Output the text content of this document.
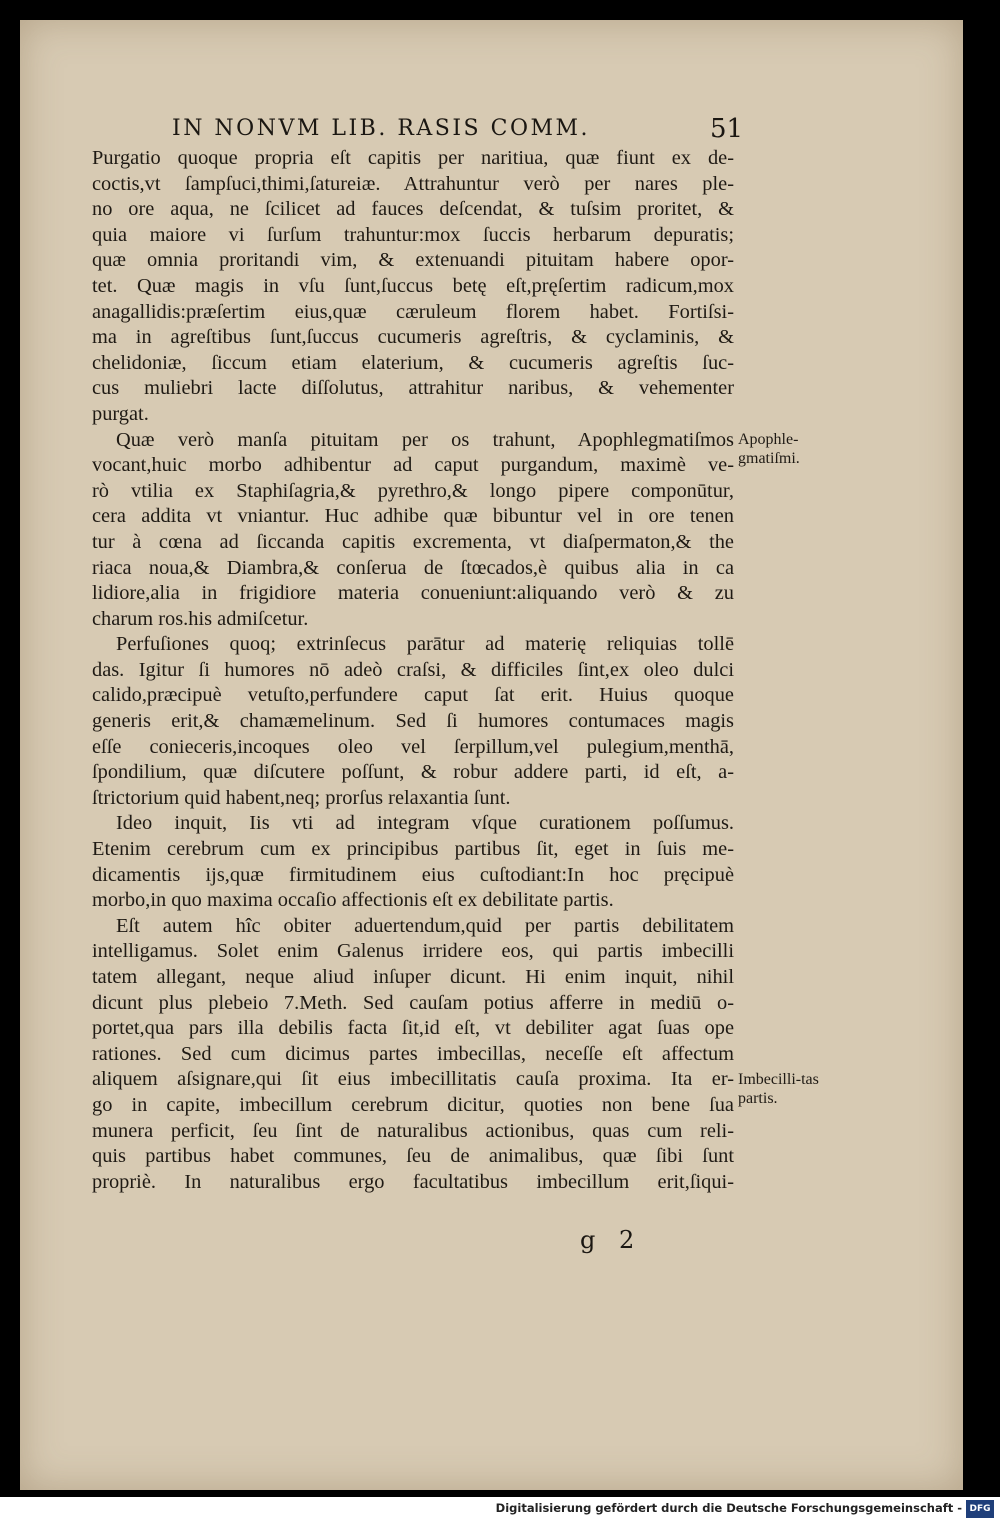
IN NONVM LIB. RASIS COMM.	51
Purgatio quoque propria eſt capitis per naritiua, quæ fiunt ex de-
coctis,vt ſampſuci,thimi,ſatureiæ. Attrahuntur verò per nares ple-
no ore aqua, ne ſcilicet ad fauces deſcendat, & tuſsim proritet, &
quia maiore vi ſurſum trahuntur:mox ſuccis herbarum depuratis;
quæ omnia proritandi vim, & extenuandi pituitam habere opor-
tet. Quæ magis in vſu ſunt,ſuccus betę eſt,pręſertim radicum,mox
anagallidis:præſertim eius,quæ cæruleum florem habet. Fortiſsi-
ma in agreſtibus ſunt,ſuccus cucumeris agreſtris, & cyclaminis, &
chelidoniæ, ſiccum etiam elaterium, & cucumeris agreſtis ſuc-
cus muliebri lacte diſſolutus, attrahitur naribus, & vehementer
purgat.
Quæ verò manſa pituitam per os trahunt, Apophlegmatiſmos
vocant,huic morbo adhibentur ad caput purgandum, maximè ve-
rò vtilia ex Staphiſagria,& pyrethro,& longo pipere componūtur,
cera addita vt vniantur. Huc adhibe quæ bibuntur vel in ore tenen
tur à cœna ad ſiccanda capitis excrementa, vt diaſpermaton,& the
riaca noua,& Diambra,& conſerua de ſtœcados,è quibus alia in ca
lidiore,alia in frigidiore materia conueniunt:aliquando verò & zu
charum ros.his admiſcetur.
Perfuſiones quoq; extrinſecus parātur ad materię reliquias tollē
das. Igitur ſi humores nō adeò craſsi, & difficiles ſint,ex oleo dulci
calido,præcipuè vetuſto,perfundere caput ſat erit. Huius quoque
generis erit,& chamæmelinum. Sed ſi humores contumaces magis
eſſe conieceris,incoques oleo vel ſerpillum,vel pulegium,menthā,
ſpondilium, quæ diſcutere poſſunt, & robur addere parti, id eſt, a-
ſtrictorium quid habent,neq; prorſus relaxantia ſunt.
Ideo inquit, Iis vti ad integram vſque curationem poſſumus.
Etenim cerebrum cum ex principibus partibus ſit, eget in ſuis me-
dicamentis ijs,quæ firmitudinem eius cuſtodiant:In hoc pręcipuè
morbo,in quo maxima occaſio affectionis eſt ex debilitate partis.
Eſt autem hîc obiter aduertendum,quid per partis debilitatem
intelligamus. Solet enim Galenus irridere eos, qui partis imbecilli
tatem allegant, neque aliud inſuper dicunt. Hi enim inquit, nihil
dicunt plus plebeio 7.Meth. Sed cauſam potius afferre in mediū o-
portet,qua pars illa debilis facta ſit,id eſt, vt debiliter agat ſuas ope
rationes. Sed cum dicimus partes imbecillas, neceſſe eſt affectum
aliquem aſsignare,qui ſit eius imbecillitatis cauſa proxima. Ita er-
go in capite, imbecillum cerebrum dicitur, quoties non bene ſua
munera perficit, ſeu ſint de naturalibus actionibus, quas cum reli-
quis partibus habet communes, ſeu de animalibus, quæ ſibi ſunt
propriè. In naturalibus ergo facultatibus imbecillum erit,ſiqui-
Apophle-gmatiſmi.
Imbecilli-tas partis.
g 2
Digitalisierung gefördert durch die Deutsche Forschungsgemeinschaft - DFG
